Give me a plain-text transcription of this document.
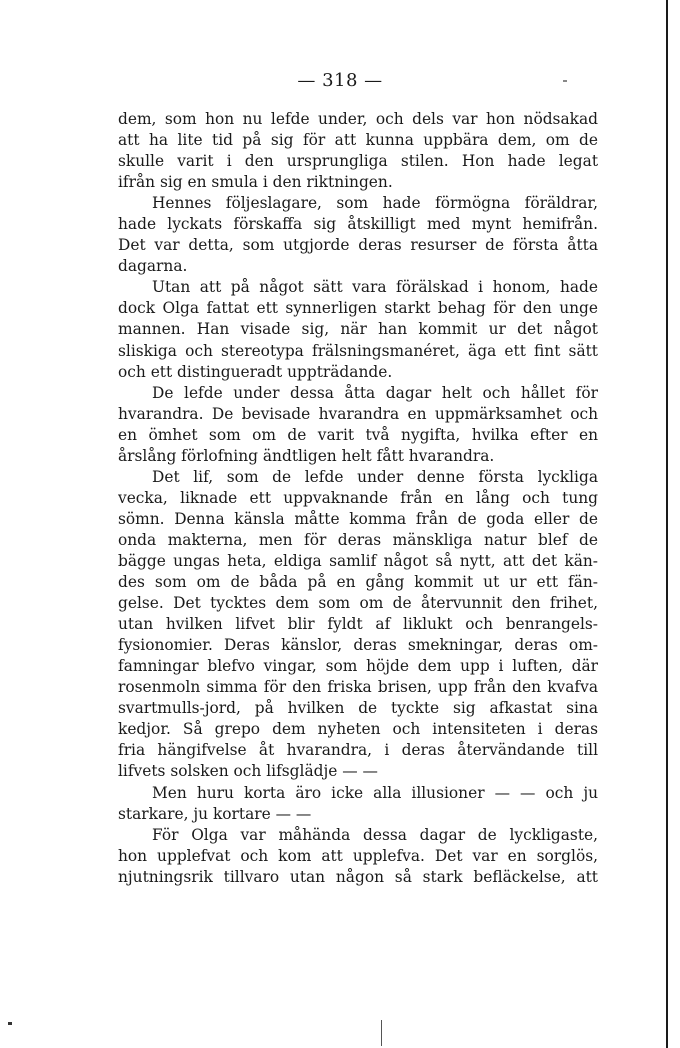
— 318 —
dem, som hon nu lefde under, och dels var hon nödsakad
att ha lite tid på sig för att kunna uppbära dem, om de
skulle varit i den ursprungliga stilen. Hon hade legat
ifrån sig en smula i den riktningen.
Hennes följeslagare, som hade förmögna föräldrar,
hade lyckats förskaffa sig åtskilligt med mynt hemifrån.
Det var detta, som utgjorde deras resurser de första åtta
dagarna.
Utan att på något sätt vara förälskad i honom, hade
dock Olga fattat ett synnerligen starkt behag för den unge
mannen. Han visade sig, när han kommit ur det något
sliskiga och stereotypa frälsningsmanéret, äga ett fint sätt
och ett distingueradt uppträdande.
De lefde under dessa åtta dagar helt och hållet för
hvarandra. De bevisade hvarandra en uppmärksamhet och
en ömhet som om de varit två nygifta, hvilka efter en
årslång förlofning ändtligen helt fått hvarandra.
Det lif, som de lefde under denne första lyckliga
vecka, liknade ett uppvaknande från en lång och tung
sömn. Denna känsla måtte komma från de goda eller de
onda makterna, men för deras mänskliga natur blef de
bägge ungas heta, eldiga samlif något så nytt, att det kän-
des som om de båda på en gång kommit ut ur ett fän-
gelse. Det tycktes dem som om de återvunnit den frihet,
utan hvilken lifvet blir fyldt af liklukt och benrangels-
fysionomier. Deras känslor, deras smekningar, deras om-
famningar blefvo vingar, som höjde dem upp i luften, där
rosenmoln simma för den friska brisen, upp från den kvafva
svartmulls-jord, på hvilken de tyckte sig afkastat sina
kedjor. Så grepo dem nyheten och intensiteten i deras
fria hängifvelse åt hvarandra, i deras återvändande till
lifvets solsken och lifsglädje — —
Men huru korta äro icke alla illusioner — — och ju
starkare, ju kortare — —
För Olga var måhända dessa dagar de lyckligaste,
hon upplefvat och kom att upplefva. Det var en sorglös,
njutningsrik tillvaro utan någon så stark befläckelse, att
